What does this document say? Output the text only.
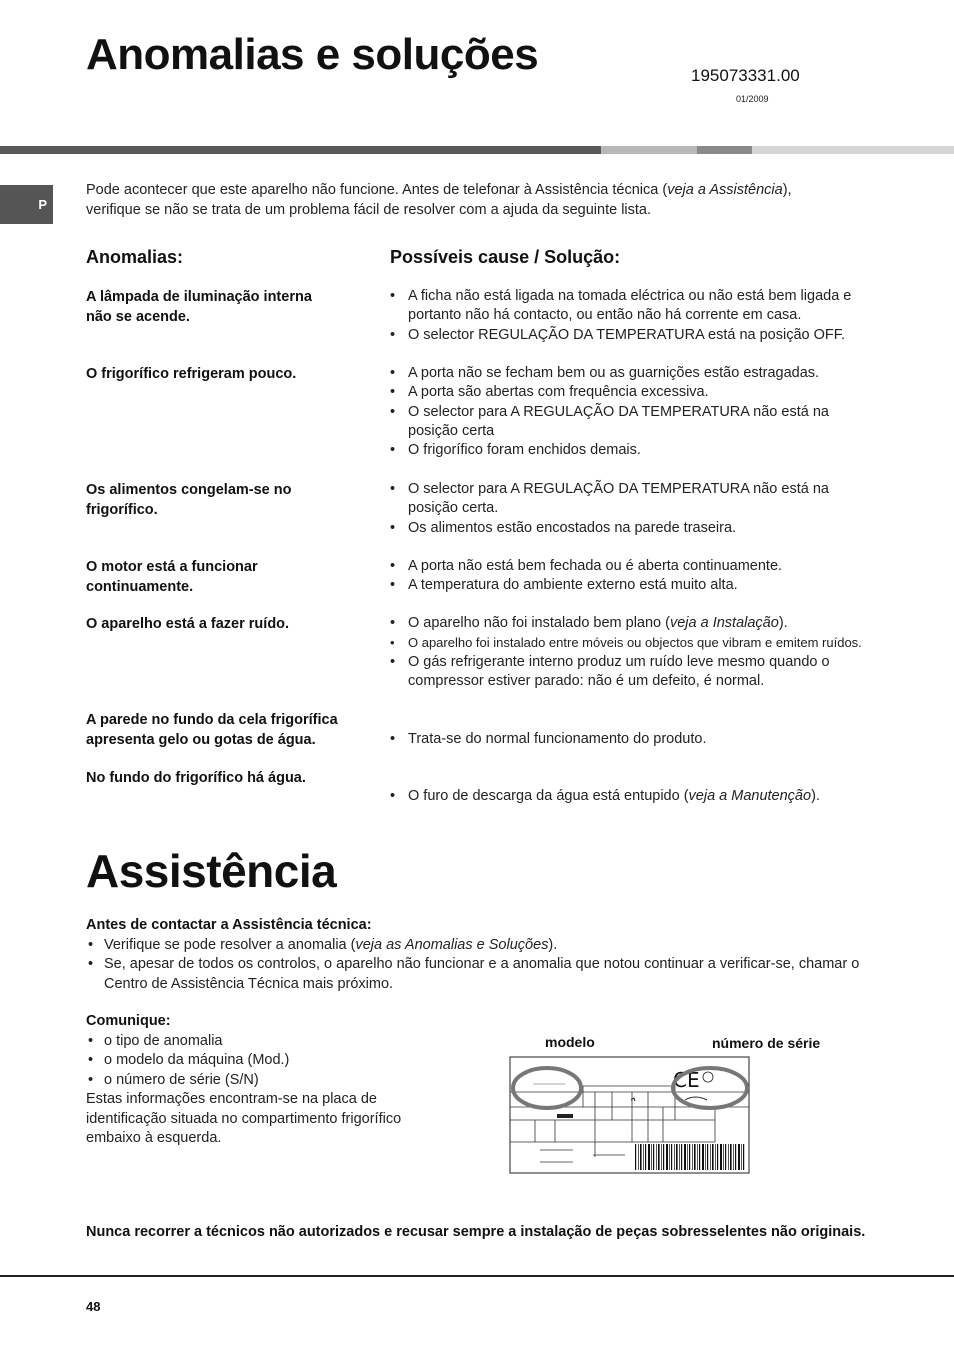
Anomalias e soluções	195073331.00
01/2009
P
Pode acontecer que este aparelho não funcione. Antes de telefonar à Assistência técnica (veja a Assistência),
verifique se não se trata de um problema fácil de resolver com a ajuda da seguinte lista.
Anomalias:	Possíveis cause / Solução:
A lâmpada de iluminação interna
não se acende.
• A ficha não está ligada na tomada eléctrica ou não está bem ligada e portanto não há contacto, ou então não há corrente em casa.
• O selector REGULAÇÃO DA TEMPERATURA está na posição OFF.
O frigorífico refrigeram pouco.	• A porta não se fecham bem ou as guarnições estão estragadas.
• A porta são abertas com frequência excessiva.
• O selector para A REGULAÇÃO DA TEMPERATURA não está na posição certa
• O frigorífico foram enchidos demais.
Os alimentos congelam-se no
frigorífico.
• O selector para A REGULAÇÃO DA TEMPERATURA não está na posição certa.
• Os alimentos estão encostados na parede traseira.
O motor está a funcionar
continuamente.
• A porta não está bem fechada ou é aberta continuamente.
• A temperatura do ambiente externo está muito alta.
O aparelho está a fazer ruído.	• O aparelho não foi instalado bem plano (veja a Instalação).
• O aparelho foi instalado entre móveis ou objectos que vibram e emitem ruídos.
• O gás refrigerante interno produz um ruído leve mesmo quando o compressor estiver parado: não é um defeito, é normal.
A parede no fundo da cela frigorífica
apresenta gelo ou gotas de água.	• Trata-se do normal funcionamento do produto.
No fundo do frigorífico há água.
• O furo de descarga da água está entupido (veja a Manutenção).
Assistência
Antes de contactar a Assistência técnica:
• Verifique se pode resolver a anomalia (veja as Anomalias e Soluções).
• Se, apesar de todos os controlos, o aparelho não funcionar e a anomalia que notou continuar a verificar-se, chamar o Centro de Assistência Técnica mais próximo.
Comunique:
• o tipo de anomalia
• o modelo da máquina (Mod.)
• o número de série (S/N)
Estas informações encontram-se na placa de
identificação situada no compartimento frigorífico
embaixo à esquerda.
modelo	número de série
C E
Nunca recorrer a técnicos não autorizados e recusar sempre a instalação de peças sobresselentes não originais.
48
